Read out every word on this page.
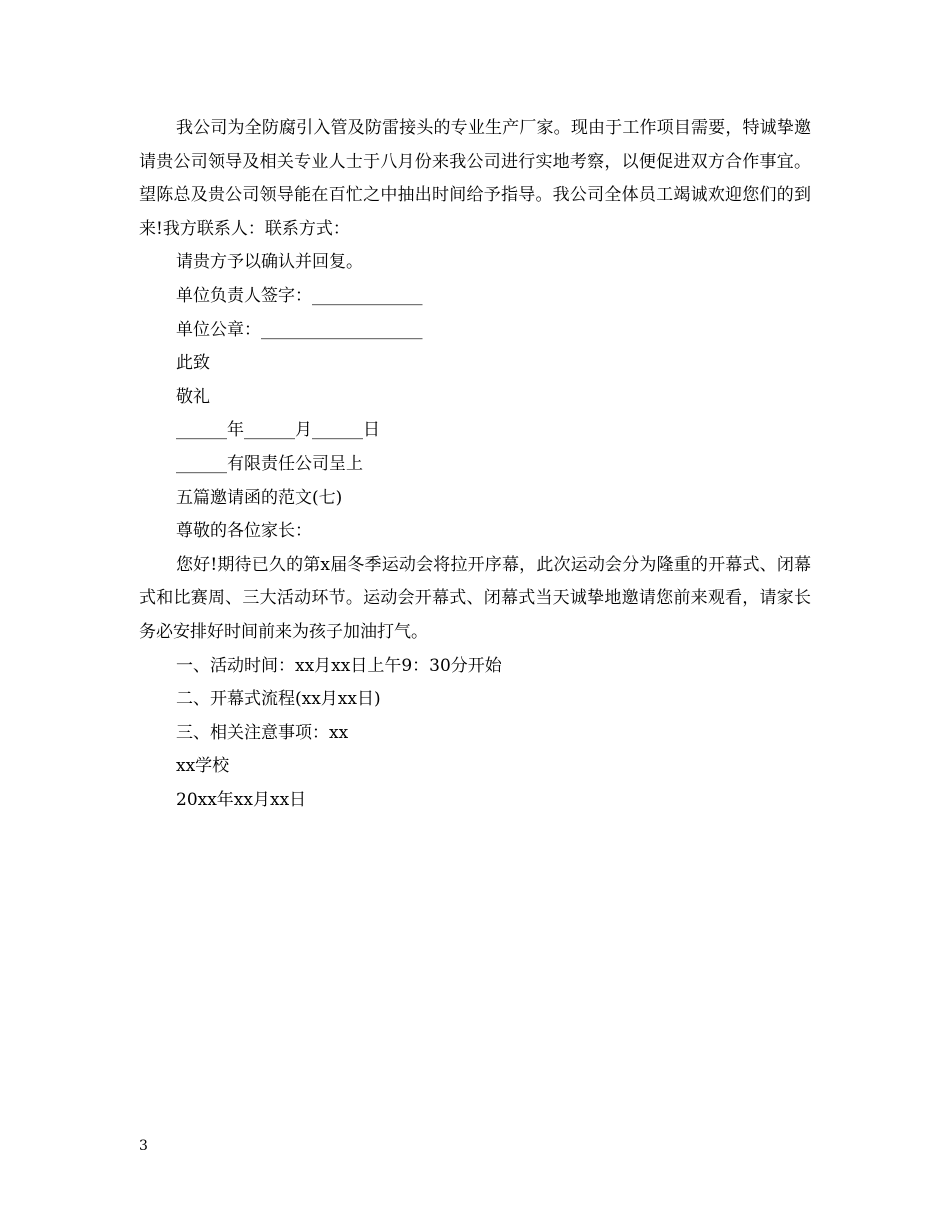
我公司为全防腐引入管及防雷接头的专业生产厂家。现由于工作项目需要，特诚挚邀请贵公司领导及相关专业人士于八月份来我公司进行实地考察，以便促进双方合作事宜。望陈总及贵公司领导能在百忙之中抽出时间给予指导。我公司全体员工竭诚欢迎您们的到来!我方联系人：联系方式：

请贵方予以确认并回复。

单位负责人签字：_____________

单位公章：___________________

此致

敬礼

______年______月______日

______有限责任公司呈上

五篇邀请函的范文(七)

尊敬的各位家长：

您好!期待已久的第x届冬季运动会将拉开序幕，此次运动会分为隆重的开幕式、闭幕式和比赛周、三大活动环节。运动会开幕式、闭幕式当天诚挚地邀请您前来观看，请家长务必安排好时间前来为孩子加油打气。

一、活动时间：xx月xx日上午9：30分开始

二、开幕式流程(xx月xx日)

三、相关注意事项：xx

xx学校

20xx年xx月xx日

3
